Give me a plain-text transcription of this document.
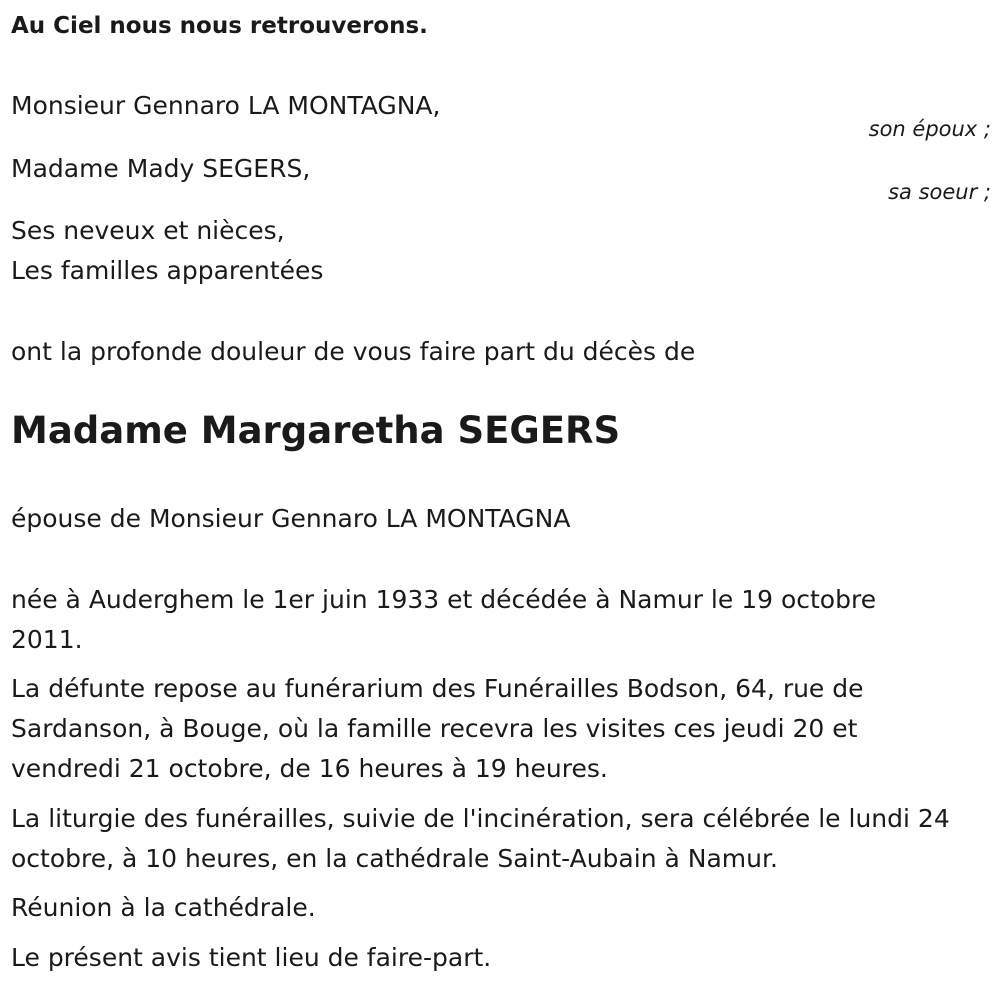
Au Ciel nous nous retrouverons.
Monsieur Gennaro LA MONTAGNA,
son époux ;
Madame Mady SEGERS,
sa soeur ;
Ses neveux et nièces,
Les familles apparentées
ont la profonde douleur de vous faire part du décès de
Madame Margaretha SEGERS
épouse de Monsieur Gennaro LA MONTAGNA
née à Auderghem le 1er juin 1933 et décédée à Namur le 19 octobre 2011.
La défunte repose au funérarium des Funérailles Bodson, 64, rue de Sardanson, à Bouge, où la famille recevra les visites ces jeudi 20 et vendredi 21 octobre, de 16 heures à 19 heures.
La liturgie des funérailles, suivie de l'incinération, sera célébrée le lundi 24 octobre, à 10 heures, en la cathédrale Saint-Aubain à Namur.
Réunion à la cathédrale.
Le présent avis tient lieu de faire-part.
